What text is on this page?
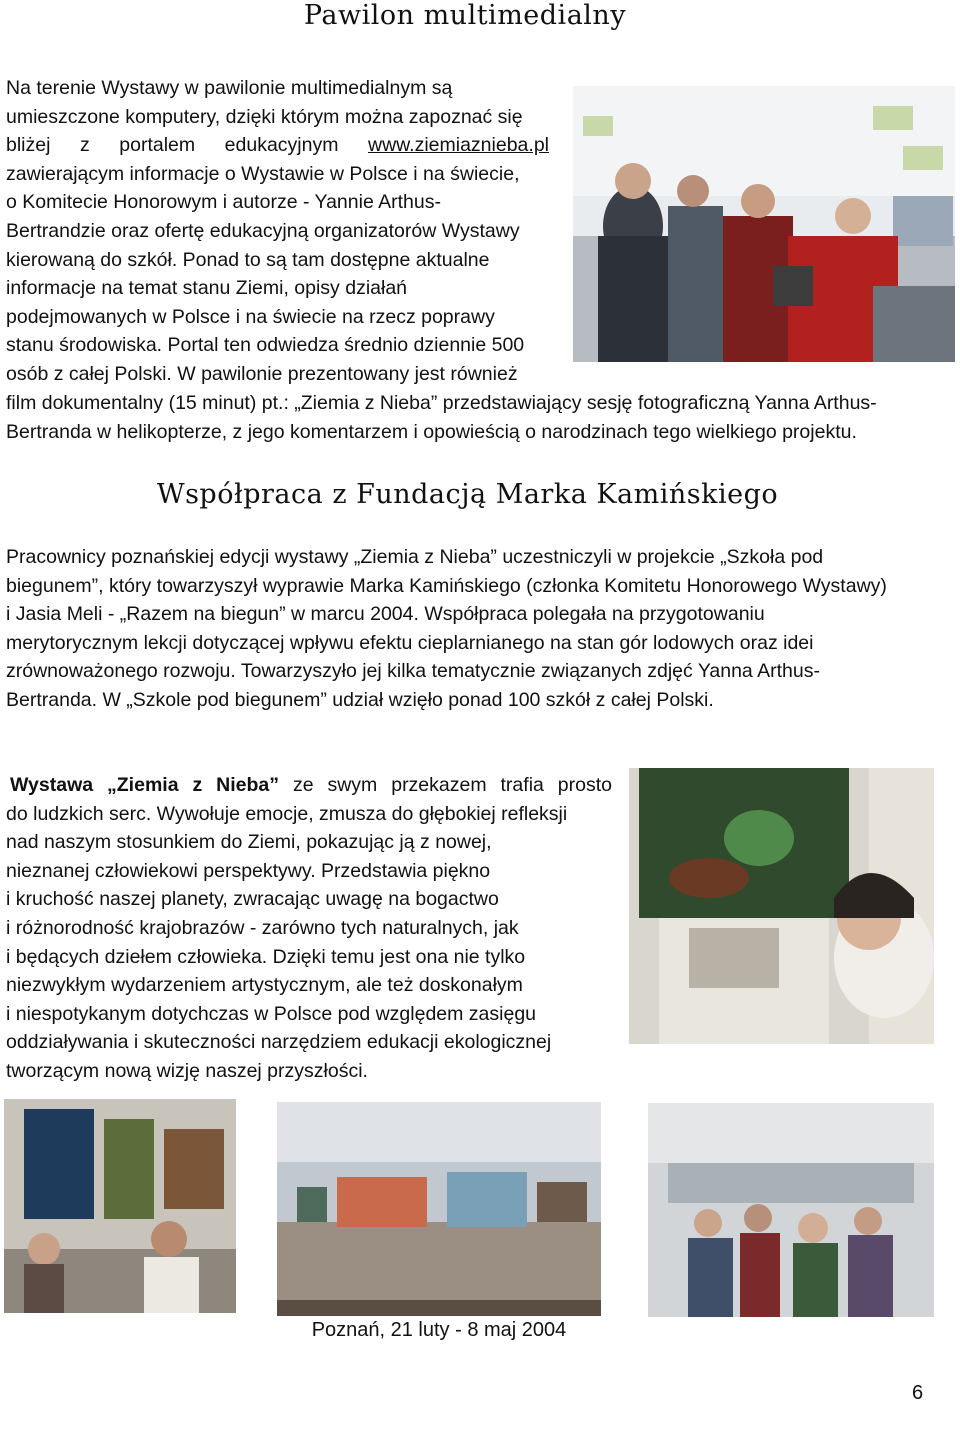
Pawilon multimedialny
Na terenie Wystawy w pawilonie multimedialnym są
umieszczone komputery, dzięki którym można zapoznać się
bliżej z portalem edukacyjnym www.ziemiaznieba.pl
zawierającym informacje o Wystawie w Polsce i na świecie,
o Komitecie Honorowym i autorze - Yannie Arthus-
Bertrandzie oraz ofertę edukacyjną organizatorów Wystawy
kierowaną do szkół. Ponad to są tam dostępne aktualne
informacje na temat stanu Ziemi, opisy działań
podejmowanych w Polsce i na świecie na rzecz poprawy
stanu środowiska. Portal ten odwiedza średnio dziennie 500
osób z całej Polski. W pawilonie prezentowany jest również
film dokumentalny (15 minut) pt.: „Ziemia z Nieba” przedstawiający sesję fotograficzną Yanna Arthus-
Bertranda w helikopterze, z jego komentarzem i opowieścią o narodzinach tego wielkiego projektu.
Współpraca z Fundacją Marka Kamińskiego
Pracownicy poznańskiej edycji wystawy „Ziemia z Nieba” uczestniczyli w projekcie „Szkoła pod
biegunem”, który towarzyszył wyprawie Marka Kamińskiego (członka Komitetu Honorowego Wystawy)
i Jasia Meli - „Razem na biegun” w marcu 2004. Współpraca polegała na przygotowaniu
merytorycznym lekcji dotyczącej wpływu efektu cieplarnianego na stan gór lodowych oraz idei
zrównoważonego rozwoju. Towarzyszyło jej kilka tematycznie związanych zdjęć Yanna Arthus-
Bertranda. W „Szkole pod biegunem” udział wzięło ponad 100 szkół z całej Polski.
Wystawa „Ziemia z Nieba” ze swym przekazem trafia prosto
do ludzkich serc. Wywołuje emocje, zmusza do głębokiej refleksji
nad naszym stosunkiem do Ziemi, pokazując ją z nowej,
nieznanej człowiekowi perspektywy. Przedstawia piękno
i kruchość naszej planety, zwracając uwagę na bogactwo
i różnorodność krajobrazów - zarówno tych naturalnych, jak
i będących dziełem człowieka. Dzięki temu jest ona nie tylko
niezwykłym wydarzeniem artystycznym, ale też doskonałym
i niespotykanym dotychczas w Polsce pod względem zasięgu
oddziaływania i skuteczności narzędziem edukacji ekologicznej
tworzącym nową wizję naszej przyszłości.
Poznań, 21 luty - 8 maj 2004
6
